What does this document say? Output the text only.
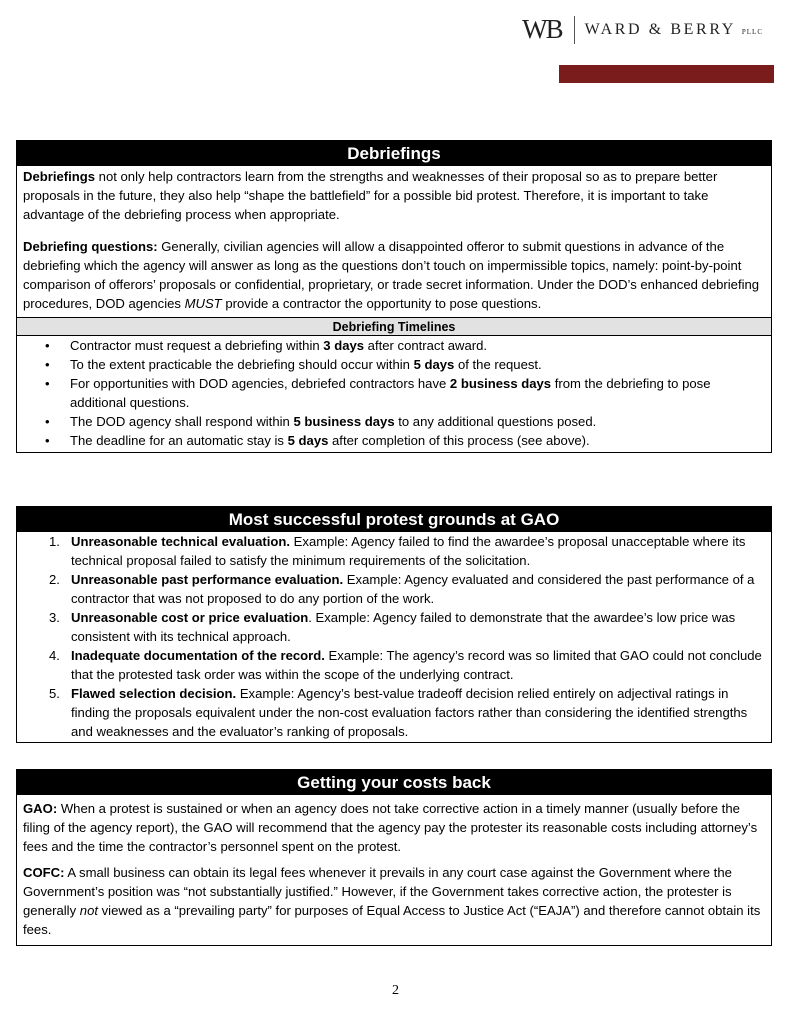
WB WARD & BERRY PLLC
Debriefings

Debriefings not only help contractors learn from the strengths and weaknesses of their proposal so as to prepare better proposals in the future, they also help “shape the battlefield” for a possible bid protest. Therefore, it is important to take advantage of the debriefing process when appropriate.

Debriefing questions: Generally, civilian agencies will allow a disappointed offeror to submit questions in advance of the debriefing which the agency will answer as long as the questions don’t touch on impermissible topics, namely: point-by-point comparison of offerors’ proposals or confidential, proprietary, or trade secret information. Under the DOD’s enhanced debriefing procedures, DOD agencies MUST provide a contractor the opportunity to pose questions.

Debriefing Timelines
• Contractor must request a debriefing within 3 days after contract award.
• To the extent practicable the debriefing should occur within 5 days of the request.
• For opportunities with DOD agencies, debriefed contractors have 2 business days from the debriefing to pose additional questions.
• The DOD agency shall respond within 5 business days to any additional questions posed.
• The deadline for an automatic stay is 5 days after completion of this process (see above).
Most successful protest grounds at GAO
1. Unreasonable technical evaluation. Example: Agency failed to find the awardee’s proposal unacceptable where its technical proposal failed to satisfy the minimum requirements of the solicitation.
2. Unreasonable past performance evaluation. Example: Agency evaluated and considered the past performance of a contractor that was not proposed to do any portion of the work.
3. Unreasonable cost or price evaluation. Example: Agency failed to demonstrate that the awardee’s low price was consistent with its technical approach.
4. Inadequate documentation of the record. Example: The agency’s record was so limited that GAO could not conclude that the protested task order was within the scope of the underlying contract.
5. Flawed selection decision. Example: Agency’s best-value tradeoff decision relied entirely on adjectival ratings in finding the proposals equivalent under the non-cost evaluation factors rather than considering the identified strengths and weaknesses and the evaluator’s ranking of proposals.
Getting your costs back

GAO: When a protest is sustained or when an agency does not take corrective action in a timely manner (usually before the filing of the agency report), the GAO will recommend that the agency pay the protester its reasonable costs including attorney’s fees and the time the contractor’s personnel spent on the protest.

COFC: A small business can obtain its legal fees whenever it prevails in any court case against the Government where the Government’s position was “not substantially justified.” However, if the Government takes corrective action, the protester is generally not viewed as a “prevailing party” for purposes of Equal Access to Justice Act (“EAJA”) and therefore cannot obtain its fees.

2
